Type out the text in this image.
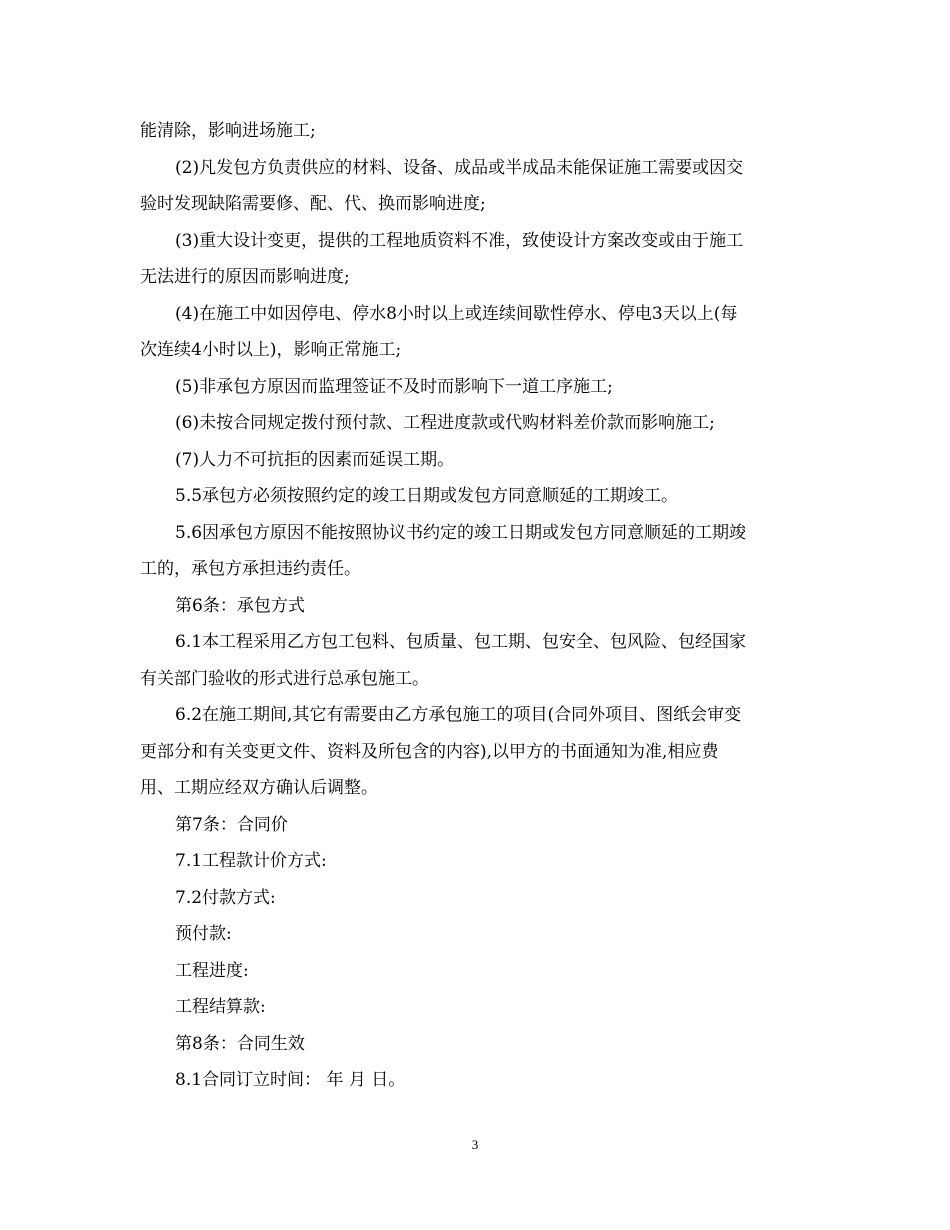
能清除，影响进场施工;
(2)凡发包方负责供应的材料、设备、成品或半成品未能保证施工需要或因交
验时发现缺陷需要修、配、代、换而影响进度;
(3)重大设计变更，提供的工程地质资料不准，致使设计方案改变或由于施工
无法进行的原因而影响进度;
(4)在施工中如因停电、停水8小时以上或连续间歇性停水、停电3天以上(每
次连续4小时以上)，影响正常施工;
(5)非承包方原因而监理签证不及时而影响下一道工序施工;
(6)未按合同规定拨付预付款、工程进度款或代购材料差价款而影响施工;
(7)人力不可抗拒的因素而延误工期。
5.5承包方必须按照约定的竣工日期或发包方同意顺延的工期竣工。
5.6因承包方原因不能按照协议书约定的竣工日期或发包方同意顺延的工期竣
工的，承包方承担违约责任。
第6条：承包方式
6.1本工程采用乙方包工包料、包质量、包工期、包安全、包风险、包经国家
有关部门验收的形式进行总承包施工。
6.2在施工期间,其它有需要由乙方承包施工的项目(合同外项目、图纸会审变
更部分和有关变更文件、资料及所包含的内容),以甲方的书面通知为准,相应费
用、工期应经双方确认后调整。
第7条：合同价
7.1工程款计价方式:
7.2付款方式:
预付款:
工程进度:
工程结算款:
第8条：合同生效
8.1合同订立时间： 年 月 日。
3
